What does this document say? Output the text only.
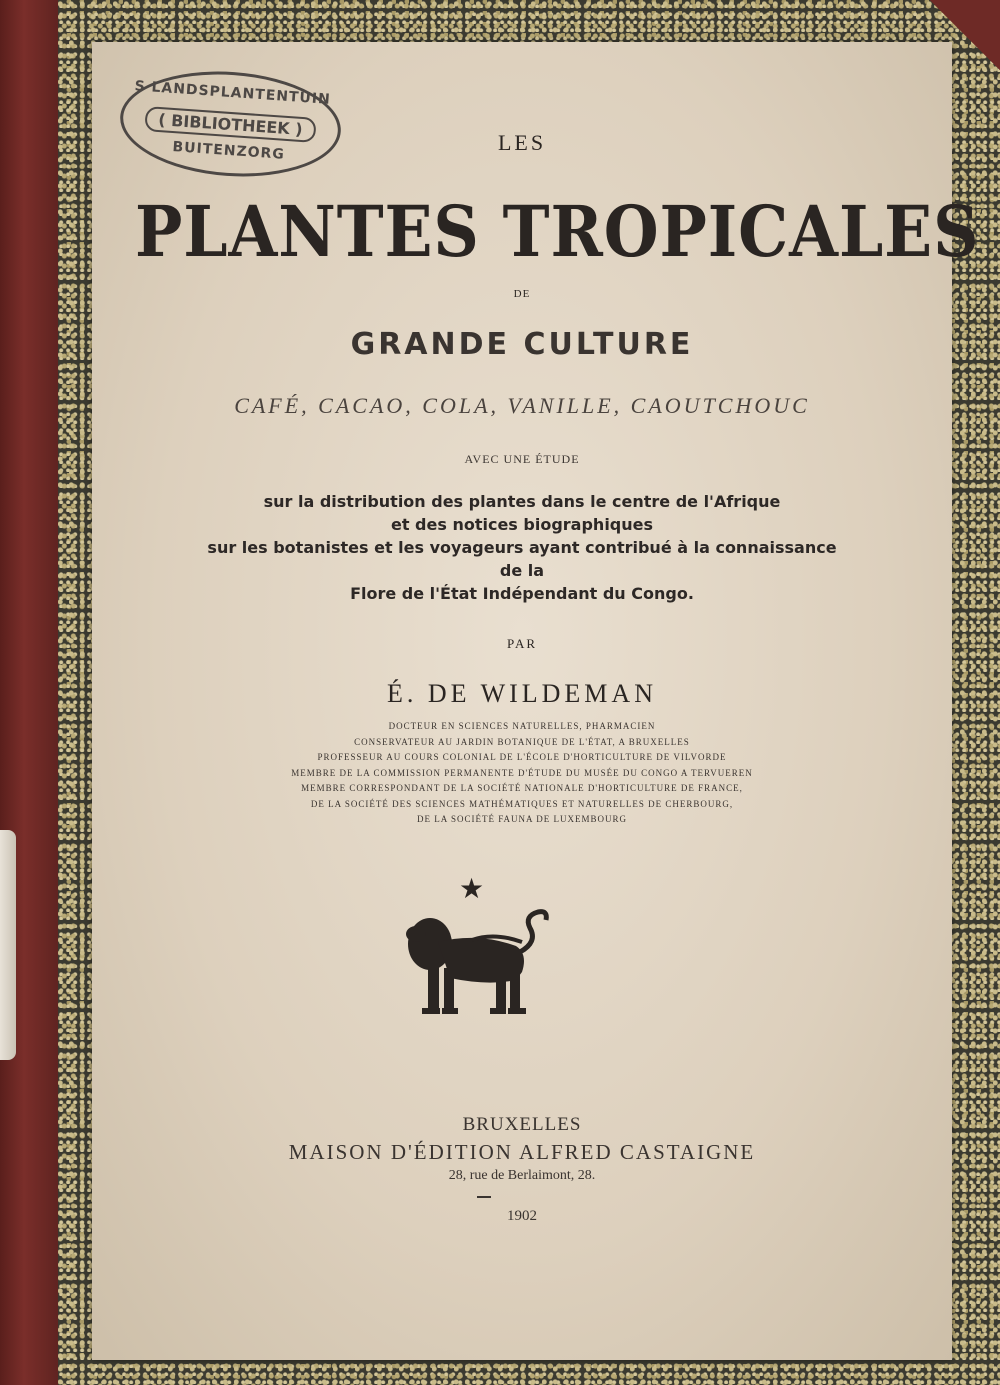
S LANDSPLANTENTUIN
( BIBLIOTHEEK )
BUITENZORG	LES
PLANTES TROPICALES
DE
GRANDE CULTURE
CAFÉ, CACAO, COLA, VANILLE, CAOUTCHOUC
AVEC UNE ÉTUDE
sur la distribution des plantes dans le centre de l'Afrique
et des notices biographiques
sur les botanistes et les voyageurs ayant contribué à la connaissance
de la
Flore de l'État Indépendant du Congo.
PAR
É. DE WILDEMAN
DOCTEUR EN SCIENCES NATURELLES, PHARMACIEN
CONSERVATEUR AU JARDIN BOTANIQUE DE L'ÉTAT, A BRUXELLES
PROFESSEUR AU COURS COLONIAL DE L'ÉCOLE D'HORTICULTURE DE VILVORDE
MEMBRE DE LA COMMISSION PERMANENTE D'ÉTUDE DU MUSÉE DU CONGO A TERVUEREN
MEMBRE CORRESPONDANT DE LA SOCIÉTÉ NATIONALE D'HORTICULTURE DE FRANCE,
DE LA SOCIÉTÉ DES SCIENCES MATHÉMATIQUES ET NATURELLES DE CHERBOURG,
DE LA SOCIÉTÉ FAUNA DE LUXEMBOURG
★
BRUXELLES
MAISON D'ÉDITION ALFRED CASTAIGNE
28, rue de Berlaimont, 28.
1902
